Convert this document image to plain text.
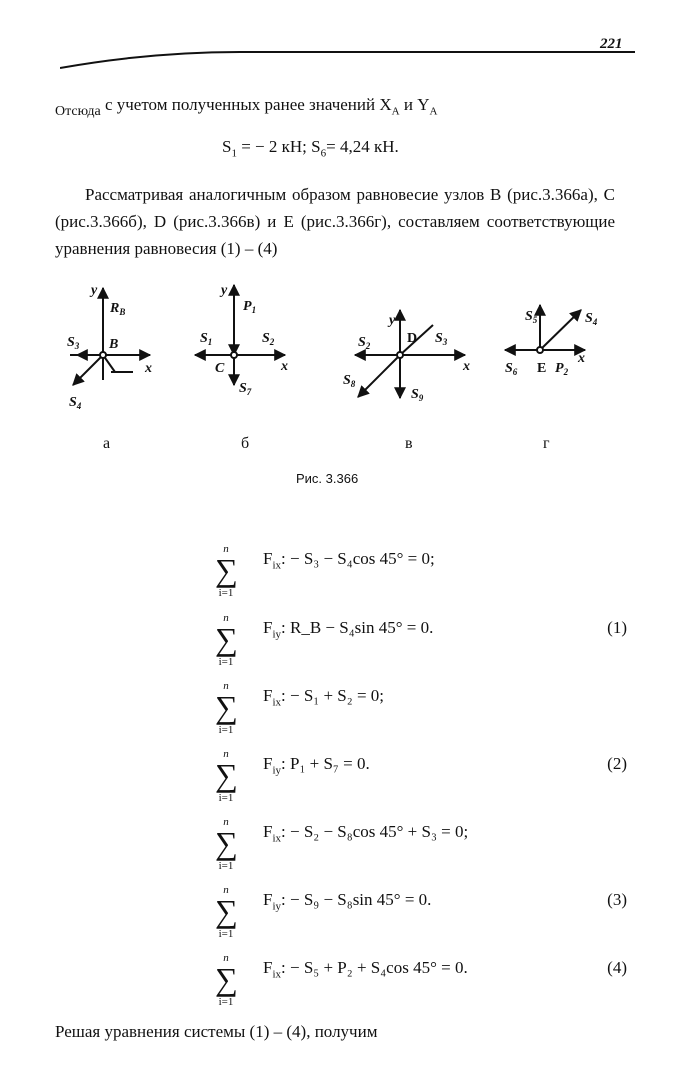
221
$_{Отсюда}$ с учетом полученных ранее значений $X_A$ и $Y_A$
$S_1$ = − 2 кН; $S_6= 4,24$ кН.
Рассматривая аналогичным образом равновесие узлов В (рис.3.366а), С (рис.3.366б), D (рис.3.366в) и Е (рис.3.366г), составляем соответствующие уравнения равновесия (1) – (4)
y
$R_B$
B
x
$S_3$
$S_4$
y
$P_1$
$S_1$	$S_2$
C	x
$S_7$
y
D
$S_2$	$S_3$
x
$S_8$
$S_9$
$S_5$	$S_4$
$S_6$ E $P_2$
x
а	б	в	г
Рис. 3.366
n
∑
i=1
$F_{ix}$: − S₃ − S₄cos 45° = 0;
n
∑
i=1
$F_{iy}$: R_B − S₄sin 45° = 0.	(1)
n
∑
i=1
$F_{ix}$: − S₁ + S₂ = 0;
n
∑
i=1
$F_{iy}$: P₁ + S₇ = 0.	(2)
n
∑
i=1
$F_{ix}$: − S₂ − S₈cos 45° + S₃ = 0;
n
∑
i=1
$F_{iy}$: − S₉ − S₈sin 45° = 0.	(3)
n
∑
i=1
$F_{ix}$: − S₅ + P₂ + S₄cos 45° = 0.	(4)
Решая уравнения системы (1) – (4), получим
